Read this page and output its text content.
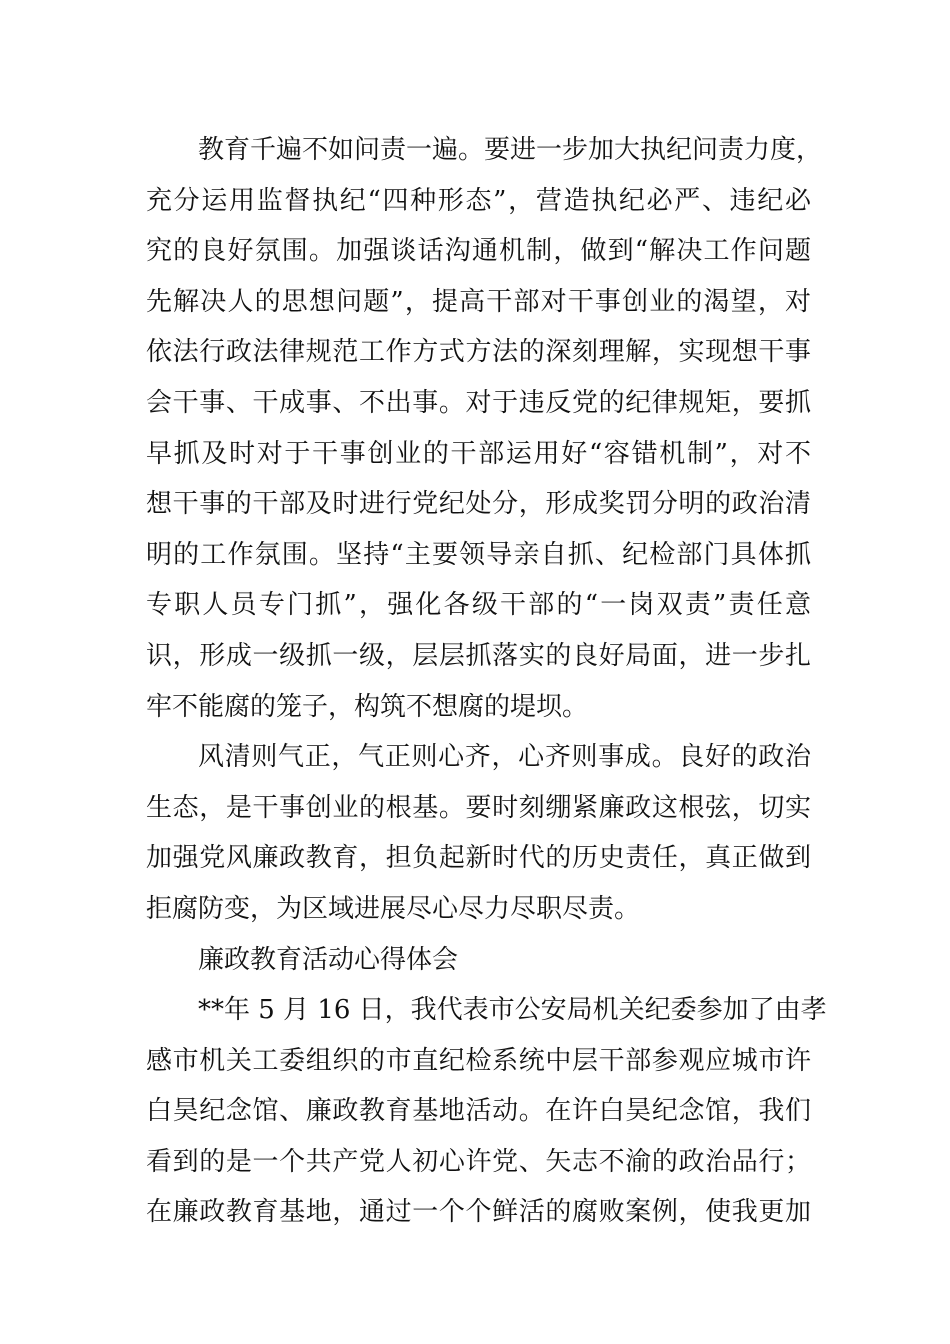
教育千遍不如问责一遍。要进一步加大执纪问责力度，
充分运用监督执纪“四种形态”，营造执纪必严、违纪必
究的良好氛围。加强谈话沟通机制，做到“解决工作问题
先解决人的思想问题”，提高干部对干事创业的渴望，对
依法行政法律规范工作方式方法的深刻理解，实现想干事
会干事、干成事、不出事。对于违反党的纪律规矩，要抓
早抓及时对于干事创业的干部运用好“容错机制”，对不
想干事的干部及时进行党纪处分，形成奖罚分明的政治清
明的工作氛围。坚持“主要领导亲自抓、纪检部门具体抓
专职人员专门抓”，强化各级干部的“一岗双责”责任意
识，形成一级抓一级，层层抓落实的良好局面，进一步扎
牢不能腐的笼子，构筑不想腐的堤坝。
风清则气正，气正则心齐，心齐则事成。良好的政治
生态，是干事创业的根基。要时刻绷紧廉政这根弦，切实
加强党风廉政教育，担负起新时代的历史责任，真正做到
拒腐防变，为区域进展尽心尽力尽职尽责。
廉政教育活动心得体会
**年 5 月 16 日，我代表市公安局机关纪委参加了由孝
感市机关工委组织的市直纪检系统中层干部参观应城市许
白昊纪念馆、廉政教育基地活动。在许白昊纪念馆，我们
看到的是一个共产党人初心许党、矢志不渝的政治品行；
在廉政教育基地，通过一个个鲜活的腐败案例，使我更加
